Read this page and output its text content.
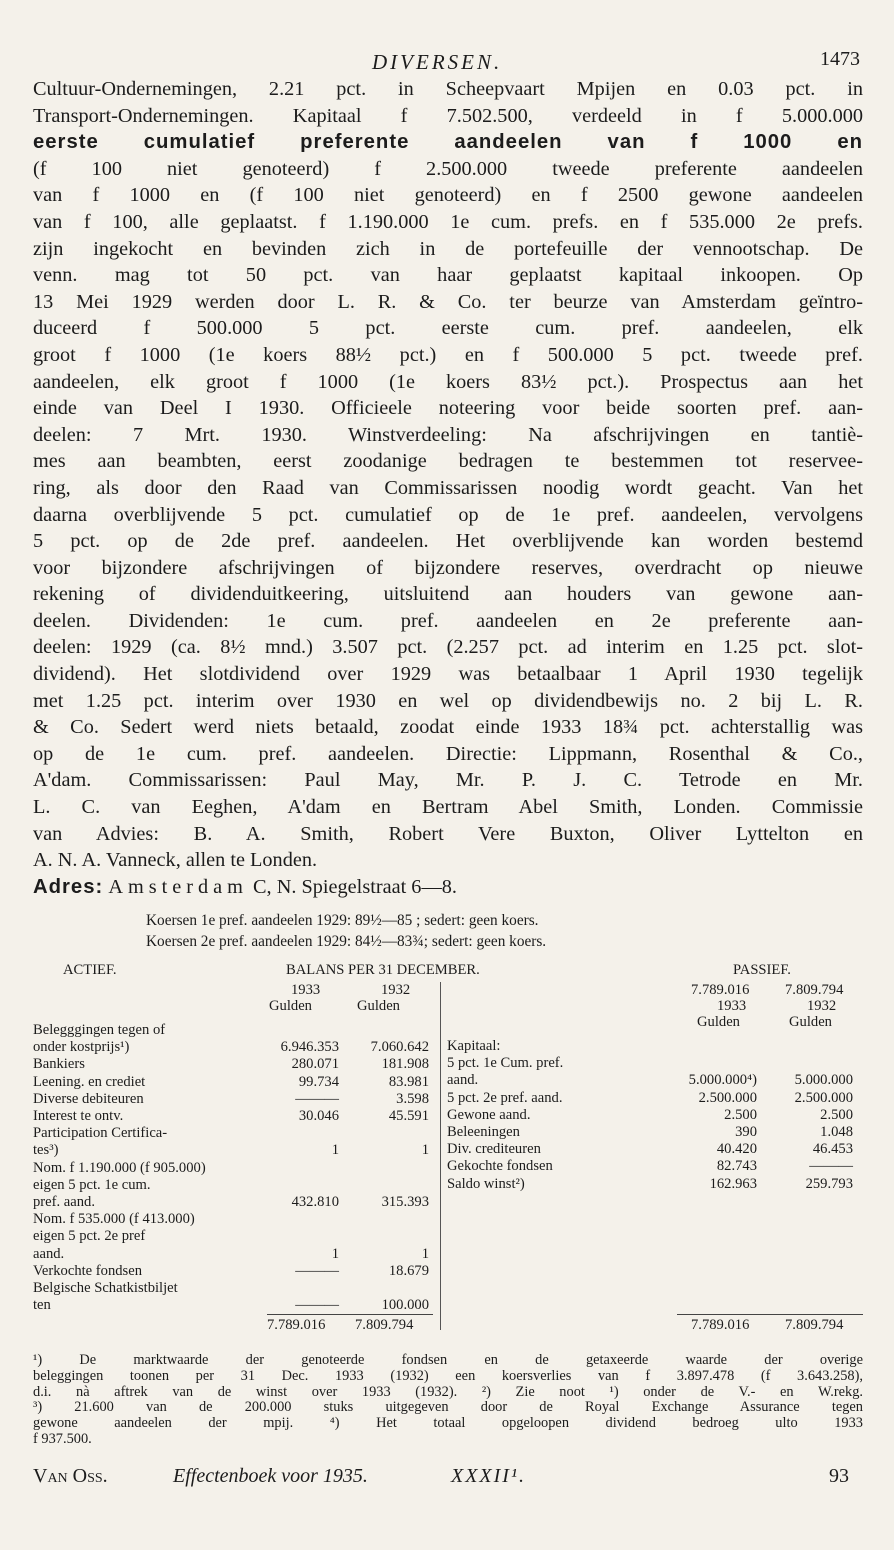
DIVERSEN.	1473
Cultuur-Ondernemingen, 2.21 pct. in Scheepvaart Mpijen en 0.03 pct. in
Transport-Ondernemingen. Kapitaal f 7.502.500, verdeeld in f 5.000.000
eerste cumulatief preferente aandeelen van f 1000 en
(f 100 niet genoteerd) f 2.500.000 tweede preferente aandeelen
van f 1000 en (f 100 niet genoteerd) en f 2500 gewone aandeelen
van f 100, alle geplaatst. f 1.190.000 1e cum. prefs. en f 535.000 2e prefs.
zijn ingekocht en bevinden zich in de portefeuille der vennootschap. De
venn. mag tot 50 pct. van haar geplaatst kapitaal inkoopen. Op
13 Mei 1929 werden door L. R. & Co. ter beurze van Amsterdam geïntro-
duceerd f 500.000 5 pct. eerste cum. pref. aandeelen, elk
groot f 1000 (1e koers 88½ pct.) en f 500.000 5 pct. tweede pref.
aandeelen, elk groot f 1000 (1e koers 83½ pct.). Prospectus aan het
einde van Deel I 1930. Officieele noteering voor beide soorten pref. aan-
deelen: 7 Mrt. 1930. Winstverdeeling: Na afschrijvingen en tantiè-
mes aan beambten, eerst zoodanige bedragen te bestemmen tot reservee-
ring, als door den Raad van Commissarissen noodig wordt geacht. Van het
daarna overblijvende 5 pct. cumulatief op de 1e pref. aandeelen, vervolgens
5 pct. op de 2de pref. aandeelen. Het overblijvende kan worden bestemd
voor bijzondere afschrijvingen of bijzondere reserves, overdracht op nieuwe
rekening of dividenduitkeering, uitsluitend aan houders van gewone aan-
deelen. Dividenden: 1e cum. pref. aandeelen en 2e preferente aan-
deelen: 1929 (ca. 8½ mnd.) 3.507 pct. (2.257 pct. ad interim en 1.25 pct. slot-
dividend). Het slotdividend over 1929 was betaalbaar 1 April 1930 tegelijk
met 1.25 pct. interim over 1930 en wel op dividendbewijs no. 2 bij L. R.
& Co. Sedert werd niets betaald, zoodat einde 1933 18¾ pct. achterstallig was
op de 1e cum. pref. aandeelen. Directie: Lippmann, Rosenthal & Co.,
A'dam. Commissarissen: Paul May, Mr. P. J. C. Tetrode en Mr.
L. C. van Eeghen, A'dam en Bertram Abel Smith, Londen. Commissie
van Advies: B. A. Smith, Robert Vere Buxton, Oliver Lyttelton en
A. N. A. Vanneck, allen te Londen.
Adres: Amsterdam C, N. Spiegelstraat 6—8.
Koersen 1e pref. aandeelen 1929: 89½—85 ; sedert: geen koers.
Koersen 2e pref. aandeelen 1929: 84½—83¾; sedert: geen koers.
ACTIEF.	BALANS PER 31 DECEMBER.	PASSIEF.
1933	1932
Gulden	Gulden
Belegggingen tegen of
onder kostprijs¹)	6.946.353	7.060.642
Bankiers	280.071	181.908
Leening. en crediet	99.734	83.981
Diverse debiteuren	———	3.598
Interest te ontv.	30.046	45.591
Participation Certifica-
tes³)	1	1
Nom. f 1.190.000 (f 905.000)
eigen 5 pct. 1e cum.
pref. aand.	432.810	315.393
Nom. f 535.000 (f 413.000)
eigen 5 pct. 2e pref
aand.	1	1
Verkochte fondsen	———	18.679
Belgische Schatkistbiljet
ten	———	100.000
7.789.016 7.809.794
7.789.016 7.809.794
1933	1932
Gulden	Gulden
Kapitaal:
5 pct. 1e Cum. pref.
aand.	5.000.000⁴)	5.000.000
5 pct. 2e pref. aand.	2.500.000	2.500.000
Gewone aand.	2.500	2.500
Beleeningen	390	1.048
Div. crediteuren	40.420	46.453
Gekochte fondsen	82.743	———
Saldo winst²)	162.963	259.793
7.789.016 7.809.794
¹) De marktwaarde der genoteerde fondsen en de getaxeerde waarde der overige
beleggingen toonen per 31 Dec. 1933 (1932) een koersverlies van f 3.897.478 (f 3.643.258),
d.i. nà aftrek van de winst over 1933 (1932). ²) Zie noot ¹) onder de V.- en W.rekg.
³) 21.600 van de 200.000 stuks uitgegeven door de Royal Exchange Assurance tegen
gewone aandeelen der mpij. ⁴) Het totaal opgeloopen dividend bedroeg ulto 1933
f 937.500.
Van Oss.	Effectenboek voor 1935.	XXXII¹.	93
